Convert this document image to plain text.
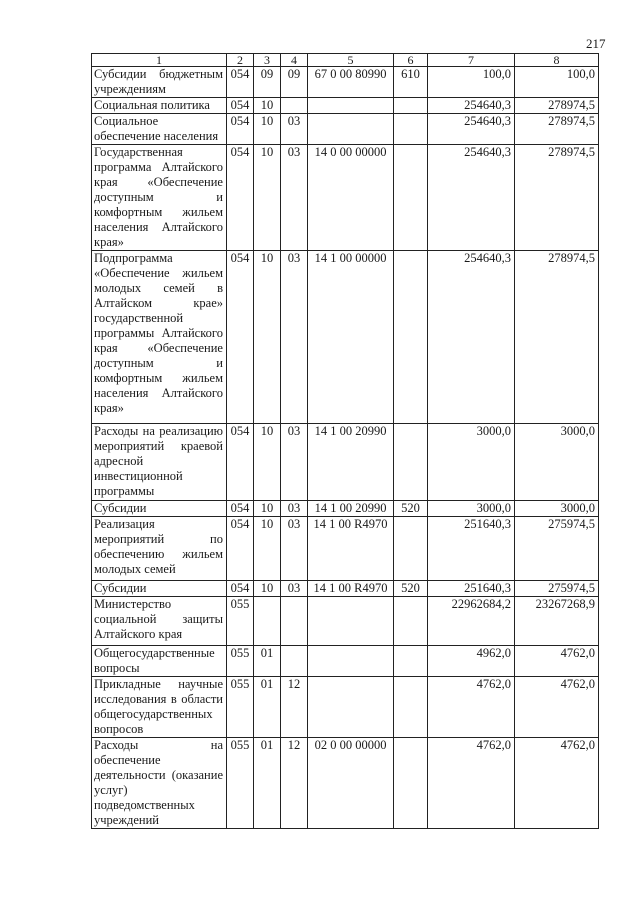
217
1	2	3	4	5	6	7	8
Субсидии бюджетным учреждениям	054	09	09	67 0 00 80990	610	100,0	100,0
Социальная политика	054	10				254640,3	278974,5
Социальное обеспечение населения	054	10	03			254640,3	278974,5
Государственная программа Алтайского края «Обеспечение доступным и комфортным жильем населения Алтайского края»	054	10	03	14 0 00 00000		254640,3	278974,5
Подпрограмма «Обеспечение жильем молодых семей в Алтайском крае» государственной программы Алтайского края «Обеспечение доступным и комфортным жильем населения Алтайского края»	054	10	03	14 1 00 00000		254640,3	278974,5
Расходы на реализацию мероприятий краевой адресной инвестиционной программы	054	10	03	14 1 00 20990		3000,0	3000,0
Субсидии	054	10	03	14 1 00 20990	520	3000,0	3000,0
Реализация мероприятий по обеспечению жильем молодых семей	054	10	03	14 1 00 R4970		251640,3	275974,5
Субсидии	054	10	03	14 1 00 R4970	520	251640,3	275974,5
Министерство социальной защиты Алтайского края	055					22962684,2	23267268,9
Общегосударственные вопросы	055	01				4962,0	4762,0
Прикладные научные исследования в области общегосударственных вопросов	055	01	12			4762,0	4762,0
Расходы на обеспечение деятельности (оказание услуг) подведомственных учреждений	055	01	12	02 0 00 00000		4762,0	4762,0
